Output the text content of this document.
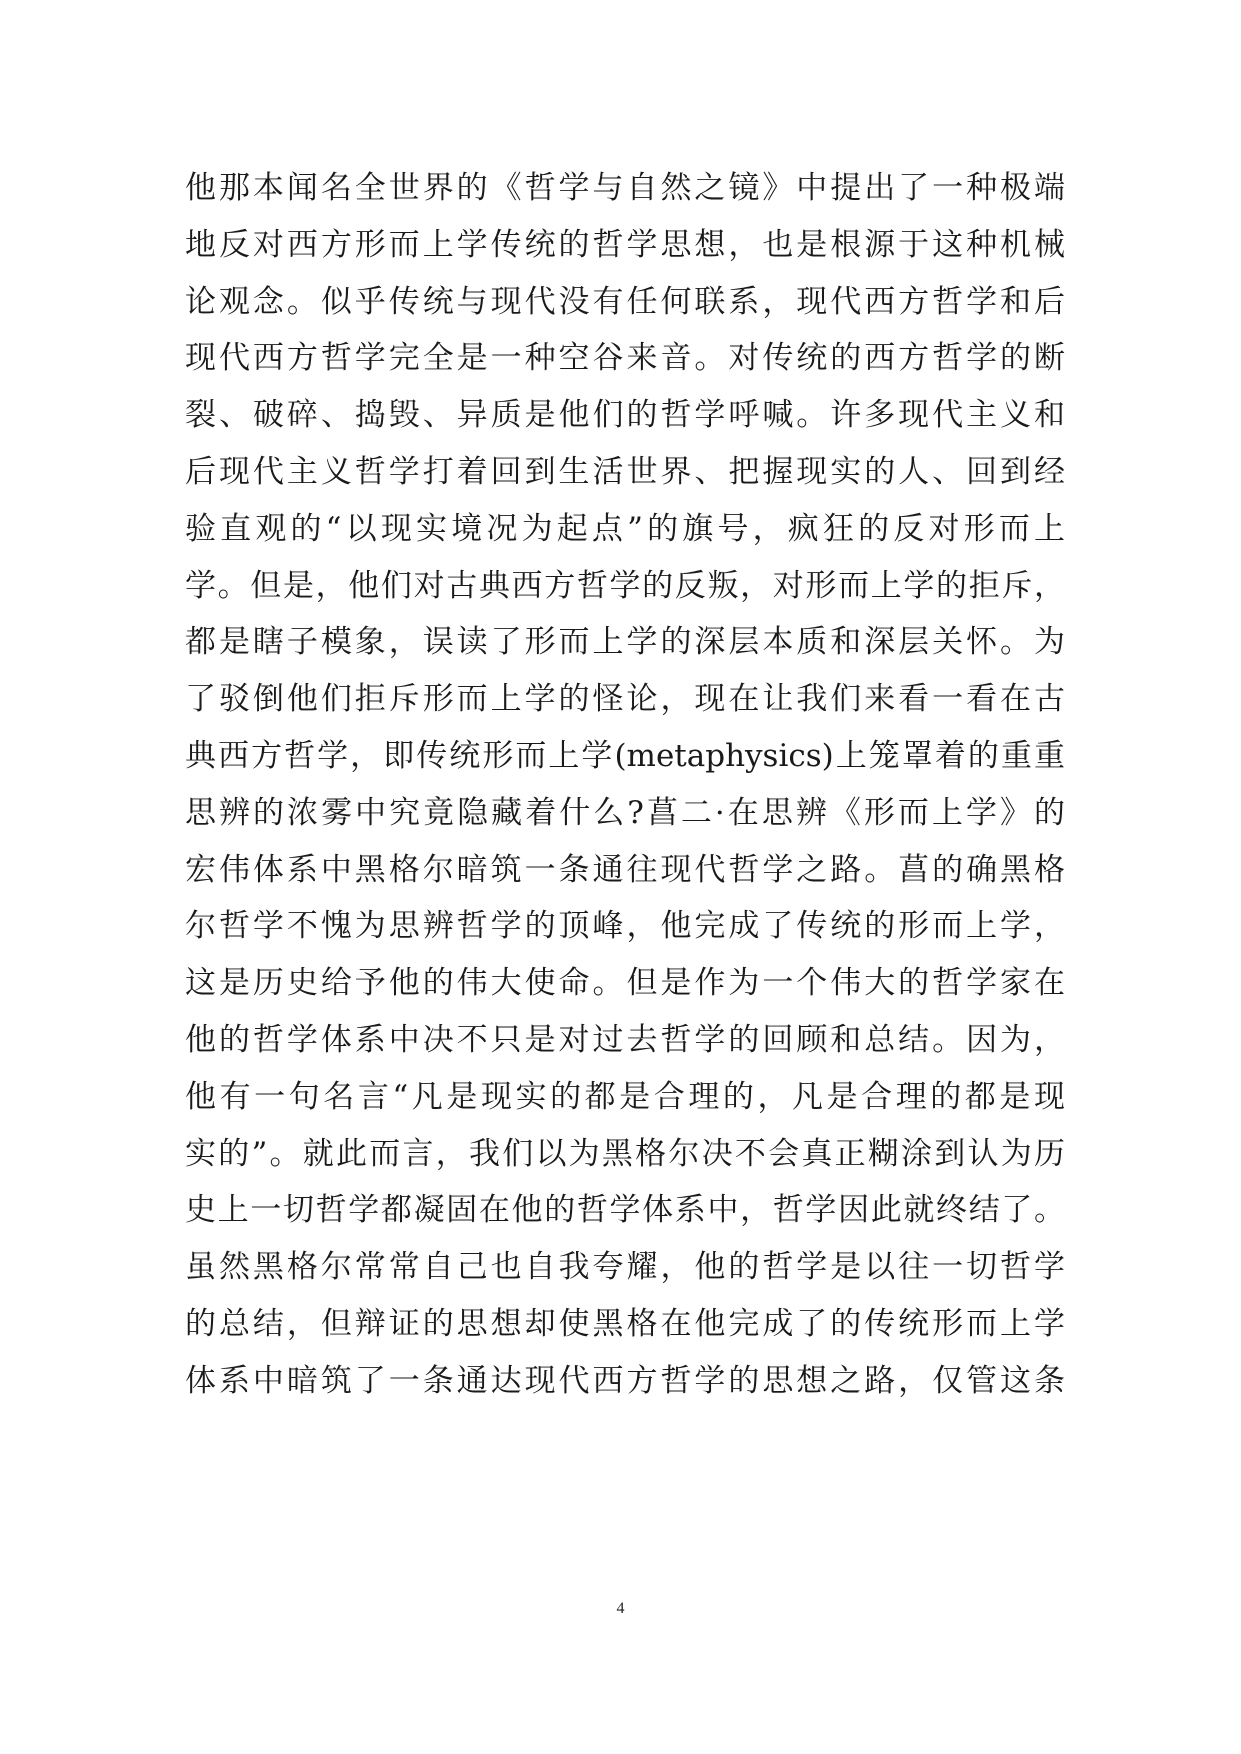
他那本闻名全世界的《哲学与自然之镜》中提出了一种极端
地反对西方形而上学传统的哲学思想，也是根源于这种机械
论观念。似乎传统与现代没有任何联系，现代西方哲学和后
现代西方哲学完全是一种空谷来音。对传统的西方哲学的断
裂、破碎、捣毁、异质是他们的哲学呼喊。许多现代主义和
后现代主义哲学打着回到生活世界、把握现实的人、回到经
验直观的“以现实境况为起点”的旗号，疯狂的反对形而上
学。但是，他们对古典西方哲学的反叛，对形而上学的拒斥，
都是瞎子模象，误读了形而上学的深层本质和深层关怀。为
了驳倒他们拒斥形而上学的怪论，现在让我们来看一看在古
典西方哲学，即传统形而上学(metaphysics)上笼罩着的重重
思辨的浓雾中究竟隐藏着什么?菖二·在思辨《形而上学》的
宏伟体系中黑格尔暗筑一条通往现代哲学之路。菖的确黑格
尔哲学不愧为思辨哲学的顶峰，他完成了传统的形而上学，
这是历史给予他的伟大使命。但是作为一个伟大的哲学家在
他的哲学体系中决不只是对过去哲学的回顾和总结。因为，
他有一句名言“凡是现实的都是合理的，凡是合理的都是现
实的”。就此而言，我们以为黑格尔决不会真正糊涂到认为历
史上一切哲学都凝固在他的哲学体系中，哲学因此就终结了。
虽然黑格尔常常自己也自我夸耀，他的哲学是以往一切哲学
的总结，但辩证的思想却使黑格在他完成了的传统形而上学
体系中暗筑了一条通达现代西方哲学的思想之路，仅管这条
4
